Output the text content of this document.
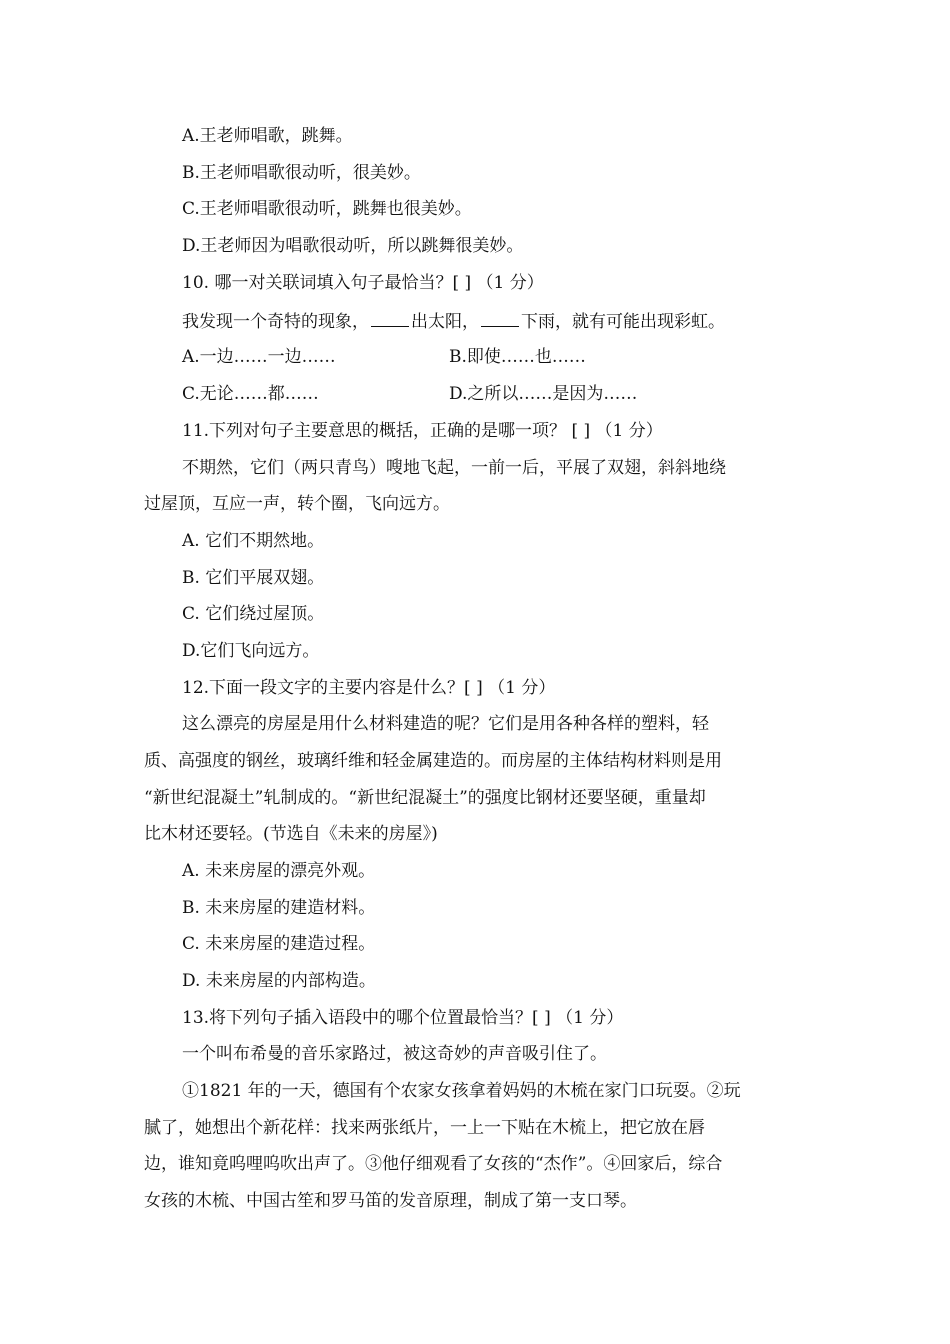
A.王老师唱歌，跳舞。
B.王老师唱歌很动听，很美妙。
C.王老师唱歌很动听，跳舞也很美妙。
D.王老师因为唱歌很动听，所以跳舞很美妙。
10. 哪一对关联词填入句子最恰当？[ ] （1 分）
我发现一个奇特的现象， 出太阳， 下雨，就有可能出现彩虹。
A.一边……一边……	B.即使……也……
C.无论……都……	D.之所以……是因为……
11.下列对句子主要意思的概括，正确的是哪一项？ [ ] （1 分）
不期然，它们（两只青鸟）嗖地飞起，一前一后，平展了双翅，斜斜地绕
过屋顶，互应一声，转个圈，飞向远方。
A. 它们不期然地。
B. 它们平展双翅。
C. 它们绕过屋顶。
D.它们飞向远方。
12.下面一段文字的主要内容是什么？[ ] （1 分）
这么漂亮的房屋是用什么材料建造的呢？它们是用各种各样的塑料，轻
质、高强度的钢丝，玻璃纤维和轻金属建造的。而房屋的主体结构材料则是用
“新世纪混凝土”轧制成的。“新世纪混凝土”的强度比钢材还要坚硬，重量却
比木材还要轻。(节选自《未来的房屋》)
A. 未来房屋的漂亮外观。
B. 未来房屋的建造材料。
C. 未来房屋的建造过程。
D. 未来房屋的内部构造。
13.将下列句子插入语段中的哪个位置最恰当？[ ] （1 分）
一个叫布希曼的音乐家路过，被这奇妙的声音吸引住了。
①1821 年的一天，德国有个农家女孩拿着妈妈的木梳在家门口玩耍。②玩
腻了，她想出个新花样：找来两张纸片，一上一下贴在木梳上，把它放在唇
边，谁知竟呜哩呜吹出声了。③他仔细观看了女孩的“杰作”。④回家后，综合
女孩的木梳、中国古笙和罗马笛的发音原理，制成了第一支口琴。
